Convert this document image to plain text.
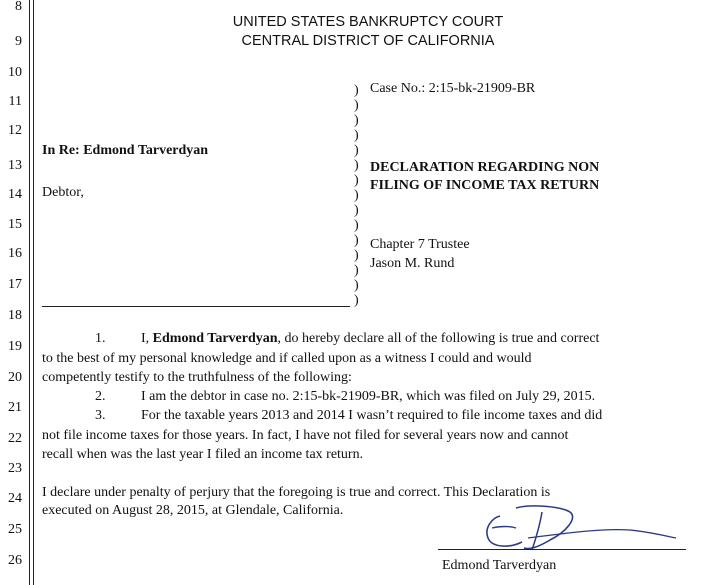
8
9
10
11
12
13
14
15
16
17
18
19
20
21
22
23
24
25
26
UNITED STATES BANKRUPTCY COURT
CENTRAL DISTRICT OF CALIFORNIA
In Re: Edmond Tarverdyan
Debtor,
)
)
)
)
)
)
)
)
)
)
)
)
)
)
)
Case No.: 2:15-bk-21909-BR
DECLARATION REGARDING NON
FILING OF INCOME TAX RETURN
Chapter 7 Trustee
Jason M. Rund
1.	I, Edmond Tarverdyan, do hereby declare all of the following is true and correct
to the best of my personal knowledge and if called upon as a witness I could and would
competently testify to the truthfulness of the following:
2.	I am the debtor in case no. 2:15-bk-21909-BR, which was filed on July 29, 2015.
3.	For the taxable years 2013 and 2014 I wasn’t required to file income taxes and did
not file income taxes for those years. In fact, I have not filed for several years now and cannot
recall when was the last year I filed an income tax return.
I declare under penalty of perjury that the foregoing is true and correct. This Declaration is
executed on August 28, 2015, at Glendale, California.
Edmond Tarverdyan
